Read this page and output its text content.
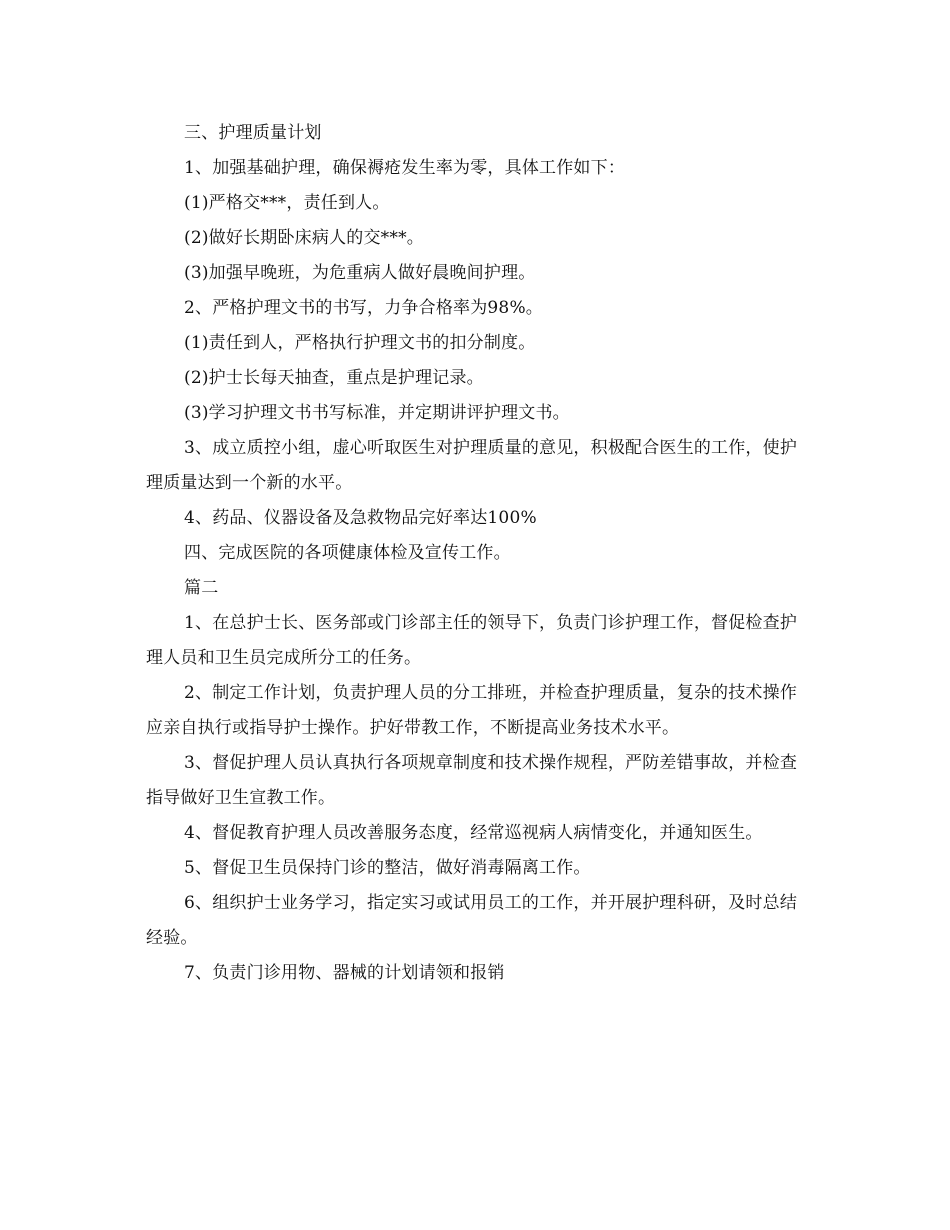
三、护理质量计划

1、加强基础护理，确保褥疮发生率为零，具体工作如下：

(1)严格交***，责任到人。

(2)做好长期卧床病人的交***。

(3)加强早晚班，为危重病人做好晨晚间护理。

2、严格护理文书的书写，力争合格率为98%。

(1)责任到人，严格执行护理文书的扣分制度。

(2)护士长每天抽查，重点是护理记录。

(3)学习护理文书书写标准，并定期讲评护理文书。

3、成立质控小组，虚心听取医生对护理质量的意见，积极配合医生的工作，使护理质量达到一个新的水平。

4、药品、仪器设备及急救物品完好率达100%

四、完成医院的各项健康体检及宣传工作。

篇二

1、在总护士长、医务部或门诊部主任的领导下，负责门诊护理工作，督促检查护理人员和卫生员完成所分工的任务。

2、制定工作计划，负责护理人员的分工排班，并检查护理质量，复杂的技术操作应亲自执行或指导护士操作。护好带教工作，不断提高业务技术水平。

3、督促护理人员认真执行各项规章制度和技术操作规程，严防差错事故，并检查指导做好卫生宣教工作。

4、督促教育护理人员改善服务态度，经常巡视病人病情变化，并通知医生。

5、督促卫生员保持门诊的整洁，做好消毒隔离工作。

6、组织护士业务学习，指定实习或试用员工的工作，并开展护理科研，及时总结经验。

7、负责门诊用物、器械的计划请领和报销
